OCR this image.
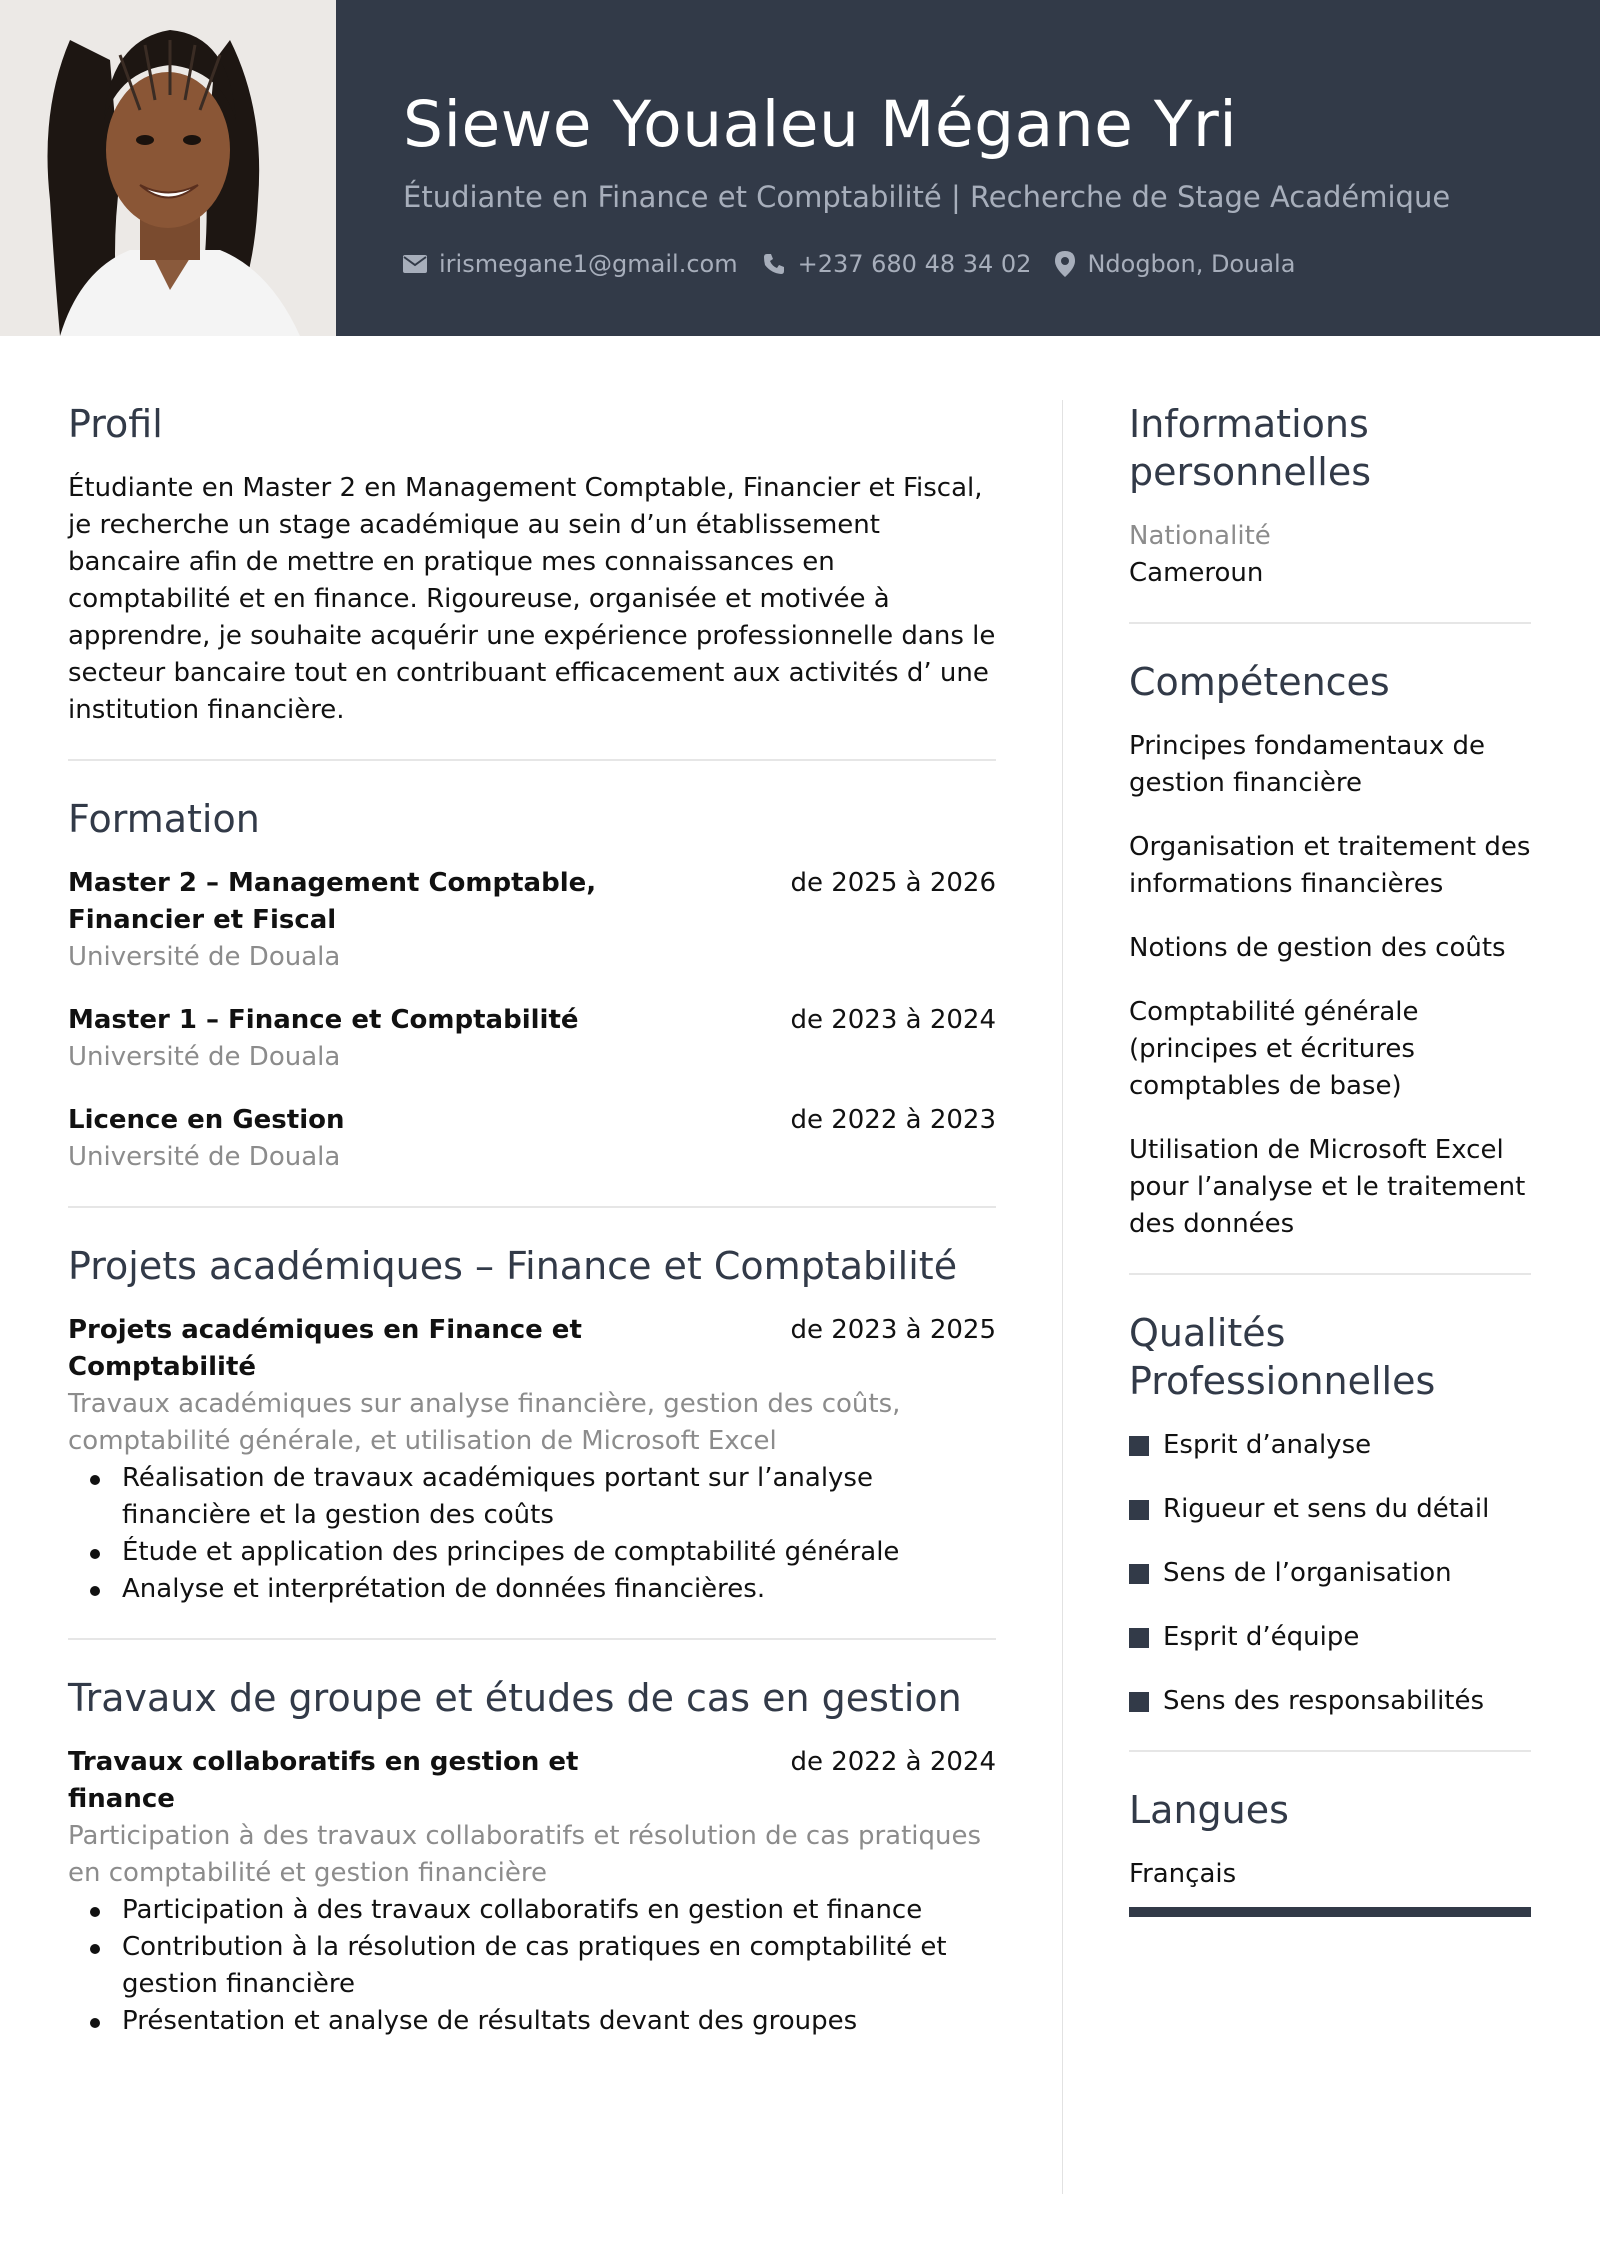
Siewe Youaleu Mégane Yri
Étudiante en Finance et Comptabilité | Recherche de Stage Académique
irismegane1@gmail.com	+237 680 48 34 02 Ndogbon, Douala
Profil

Étudiante en Master 2 en Management Comptable, Financier et Fiscal, je recherche un stage académique au sein d’un établissement bancaire afin de mettre en pratique mes connaissances en comptabilité et en finance. Rigoureuse, organisée et motivée à apprendre, je souhaite acquérir une expérience professionnelle dans le secteur bancaire tout en contribuant efficacement aux activités d’ une institution financière.

Formation
Master 2 – Management Comptable, Financier et Fiscal
de 2025 à 2026
Université de Douala
Master 1 – Finance et Comptabilité	de 2023 à 2024
Université de Douala
Licence en Gestion	de 2022 à 2023
Université de Douala
Projets académiques – Finance et Comptabilité
Projets académiques en Finance et Comptabilité
de 2023 à 2025
Travaux académiques sur analyse financière, gestion des coûts, comptabilité générale, et utilisation de Microsoft Excel
Réalisation de travaux académiques portant sur l’analyse financière et la gestion des coûts
Étude et application des principes de comptabilité générale
Analyse et interprétation de données financières.
Travaux de groupe et études de cas en gestion
Travaux collaboratifs en gestion et finance
de 2022 à 2024
Participation à des travaux collaboratifs et résolution de cas pratiques en comptabilité et gestion financière
Participation à des travaux collaboratifs en gestion et finance
Contribution à la résolution de cas pratiques en comptabilité et gestion financière
Présentation et analyse de résultats devant des groupes
Informations personnelles
Nationalité
Cameroun
Compétences
Principes fondamentaux de gestion financière
Organisation et traitement des informations financières
Notions de gestion des coûts
Comptabilité générale (principes et écritures comptables de base)
Utilisation de Microsoft Excel pour l’analyse et le traitement des données
Qualités Professionnelles
Esprit d’analyse
Rigueur et sens du détail
Sens de l’organisation
Esprit d’équipe
Sens des responsabilités
Langues
Français
